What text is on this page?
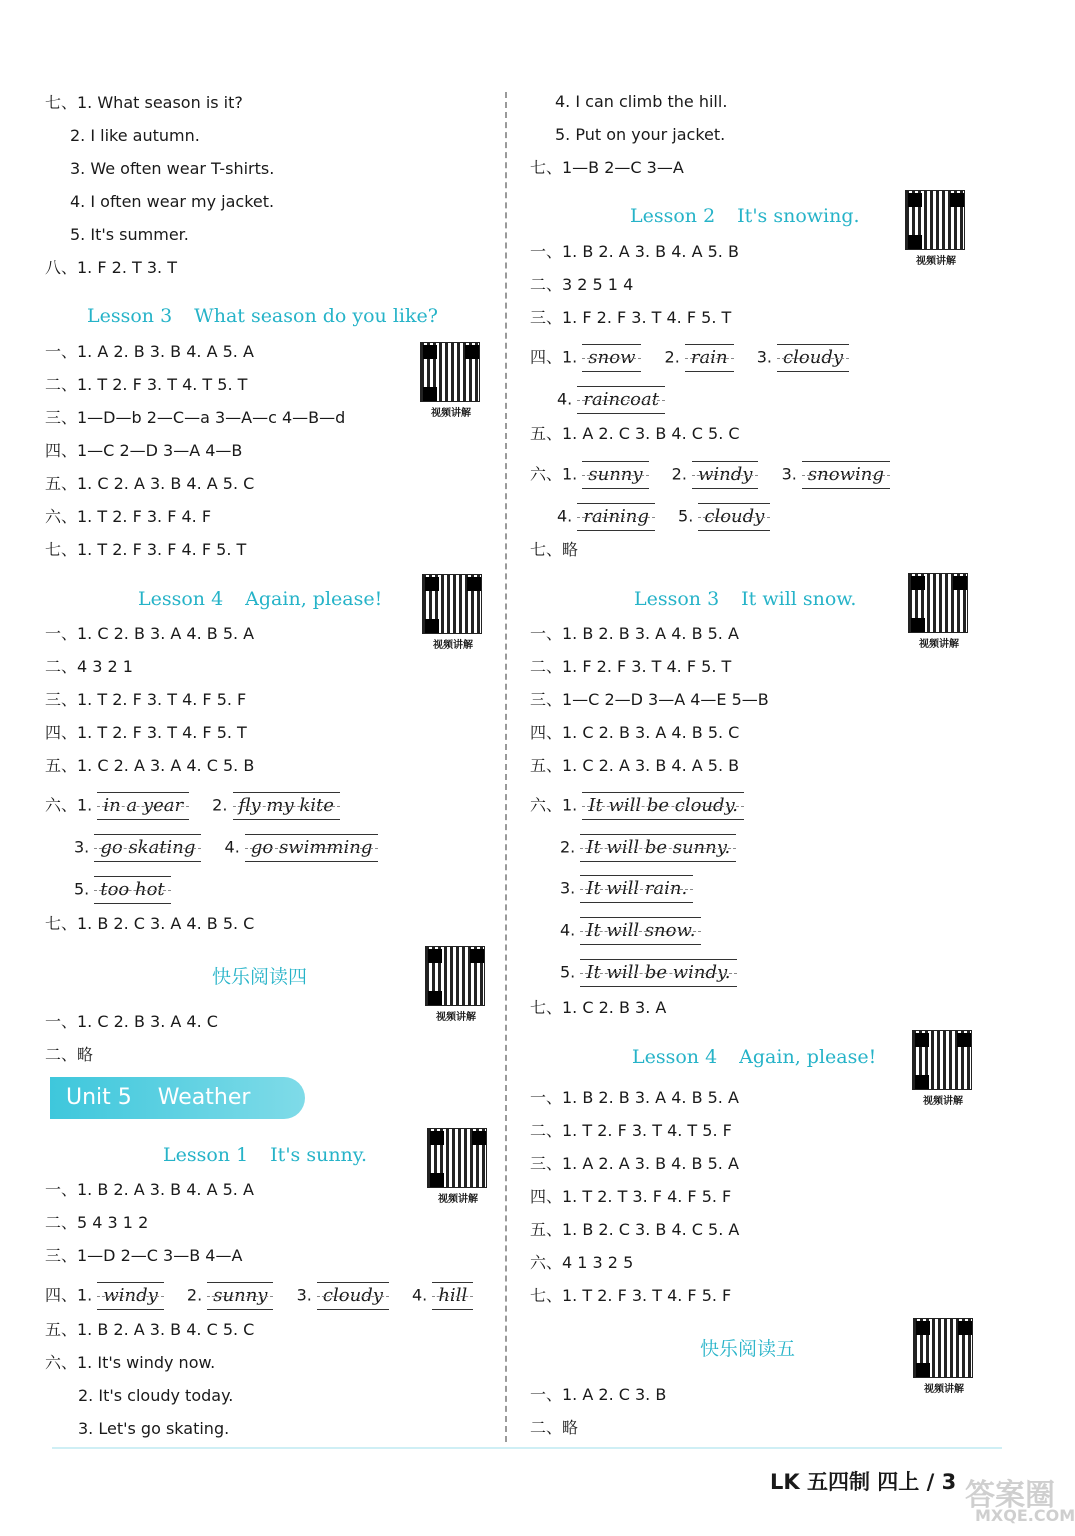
七、1. What season is it?
2. I like autumn.
3. We often wear T-shirts.
4. I often wear my jacket.
5. It's summer.
八、1. F 2. T 3. T
Lesson 3 What season do you like?
视频讲解
一、1. A 2. B 3. B 4. A 5. A
二、1. T 2. F 3. T 4. T 5. T
三、1—D—b 2—C—a 3—A—c 4—B—d
四、1—C 2—D 3—A 4—B
五、1. C 2. A 3. B 4. A 5. C
六、1. T 2. F 3. F 4. F
七、1. T 2. F 3. F 4. F 5. T
Lesson 4 Again, please!
视频讲解
一、1. C 2. B 3. A 4. B 5. A
二、4 3 2 1
三、1. T 2. F 3. T 4. F 5. F
四、1. T 2. F 3. T 4. F 5. T
五、1. C 2. A 3. A 4. C 5. B
六、1. in a year 2. fly my kite
3. go skating 4. go swimming
5. too hot
七、1. B 2. C 3. A 4. B 5. C
快乐阅读四
视频讲解
一、1. C 2. B 3. A 4. C
二、略
Unit 5 Weather
Lesson 1 It's sunny.
视频讲解
一、1. B 2. A 3. B 4. A 5. A
二、5 4 3 1 2
三、1—D 2—C 3—B 4—A
四、1. windy 2. sunny 3. cloudy 4. hill
五、1. B 2. A 3. B 4. C 5. C
六、1. It's windy now.
2. It's cloudy today.
3. Let's go skating.
4. I can climb the hill.
5. Put on your jacket.
七、1—B 2—C 3—A
Lesson 2 It's snowing.
视频讲解
一、1. B 2. A 3. B 4. A 5. B
二、3 2 5 1 4
三、1. F 2. F 3. T 4. F 5. T
四、1. snow 2. rain 3. cloudy
4. raincoat
五、1. A 2. C 3. B 4. C 5. C
六、1. sunny 2. windy 3. snowing
4. raining 5. cloudy
七、略
Lesson 3 It will snow.
视频讲解
一、1. B 2. B 3. A 4. B 5. A
二、1. F 2. F 3. T 4. F 5. T
三、1—C 2—D 3—A 4—E 5—B
四、1. C 2. B 3. A 4. B 5. C
五、1. C 2. A 3. B 4. A 5. B
六、1. It will be cloudy.
2. It will be sunny.
3. It will rain.
4. It will snow.
5. It will be windy.
七、1. C 2. B 3. A
Lesson 4 Again, please!
视频讲解
一、1. B 2. B 3. A 4. B 5. A
二、1. T 2. F 3. T 4. T 5. F
三、1. A 2. A 3. B 4. B 5. A
四、1. T 2. T 3. F 4. F 5. F
五、1. B 2. C 3. B 4. C 5. A
六、4 1 3 2 5
七、1. T 2. F 3. T 4. F 5. F
快乐阅读五
视频讲解
一、1. A 2. C 3. B
二、略
LK 五四制 四上 / 3 答案圈
MXQE.COM
